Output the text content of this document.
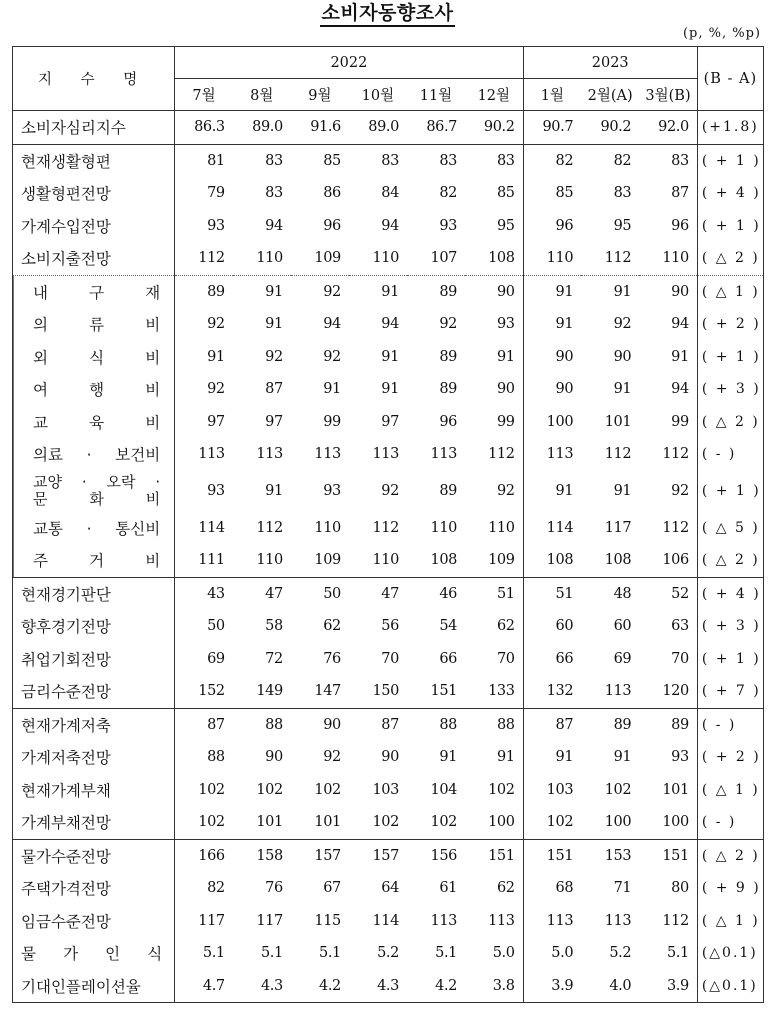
소비자동향조사
(p, %, %p)
지 수 명	2022						2023			(B - A)
	7월	8월	9월	10월	11월	12월	1월	2월(A)	3월(B)	
소비자심리지수	86.3	89.0	91.6	89.0	86.7	90.2	90.7	90.2	92.0	(+1.8)
현재생활형편	81	83	85	83	83	83	82	82	83	( + 1 )
생활형편전망	79	83	86	84	82	85	85	83	87	( + 4 )
가계수입전망	93	94	96	94	93	95	96	95	96	( + 1 )
소비지출전망	112	110	109	110	107	108	110	112	110	( △ 2 )
내 구 재	89	91	92	91	89	90	91	91	90	( △ 1 )
의 류 비	92	91	94	94	92	93	91	92	94	( + 2 )
외 식 비	91	92	92	91	89	91	90	90	91	( + 1 )
여 행 비	92	87	91	91	89	90	90	91	94	( + 3 )
교 육 비	97	97	99	97	96	99	100	101	99	( △ 2 )
의료 · 보건비	113	113	113	113	113	112	113	112	112	( - )

교양 · 오락 ·
문 화 비	93	91	93	92	89	92	91	91	92	( + 1 )
교통 · 통신비	114	112	110	112	110	110	114	117	112	( △ 5 )
주 거 비	111	110	109	110	108	109	108	108	106	( △ 2 )
현재경기판단	43	47	50	47	46	51	51	48	52	( + 4 )
향후경기전망	50	58	62	56	54	62	60	60	63	( + 3 )
취업기회전망	69	72	76	70	66	70	66	69	70	( + 1 )
금리수준전망	152	149	147	150	151	133	132	113	120	( + 7 )
현재가계저축	87	88	90	87	88	88	87	89	89	( - )
가계저축전망	88	90	92	90	91	91	91	91	93	( + 2 )
현재가계부채	102	102	102	103	104	102	103	102	101	( △ 1 )
가계부채전망	102	101	101	102	102	100	102	100	100	( - )
물가수준전망	166	158	157	157	156	151	151	153	151	( △ 2 )
주택가격전망	82	76	67	64	61	62	68	71	80	( + 9 )
임금수준전망	117	117	115	114	113	113	113	113	112	( △ 1 )
물 가 인 식	5.1	5.1	5.1	5.2	5.1	5.0	5.0	5.2	5.1	(△0.1)
기대인플레이션율	4.7	4.3	4.2	4.3	4.2	3.8	3.9	4.0	3.9	(△0.1)
